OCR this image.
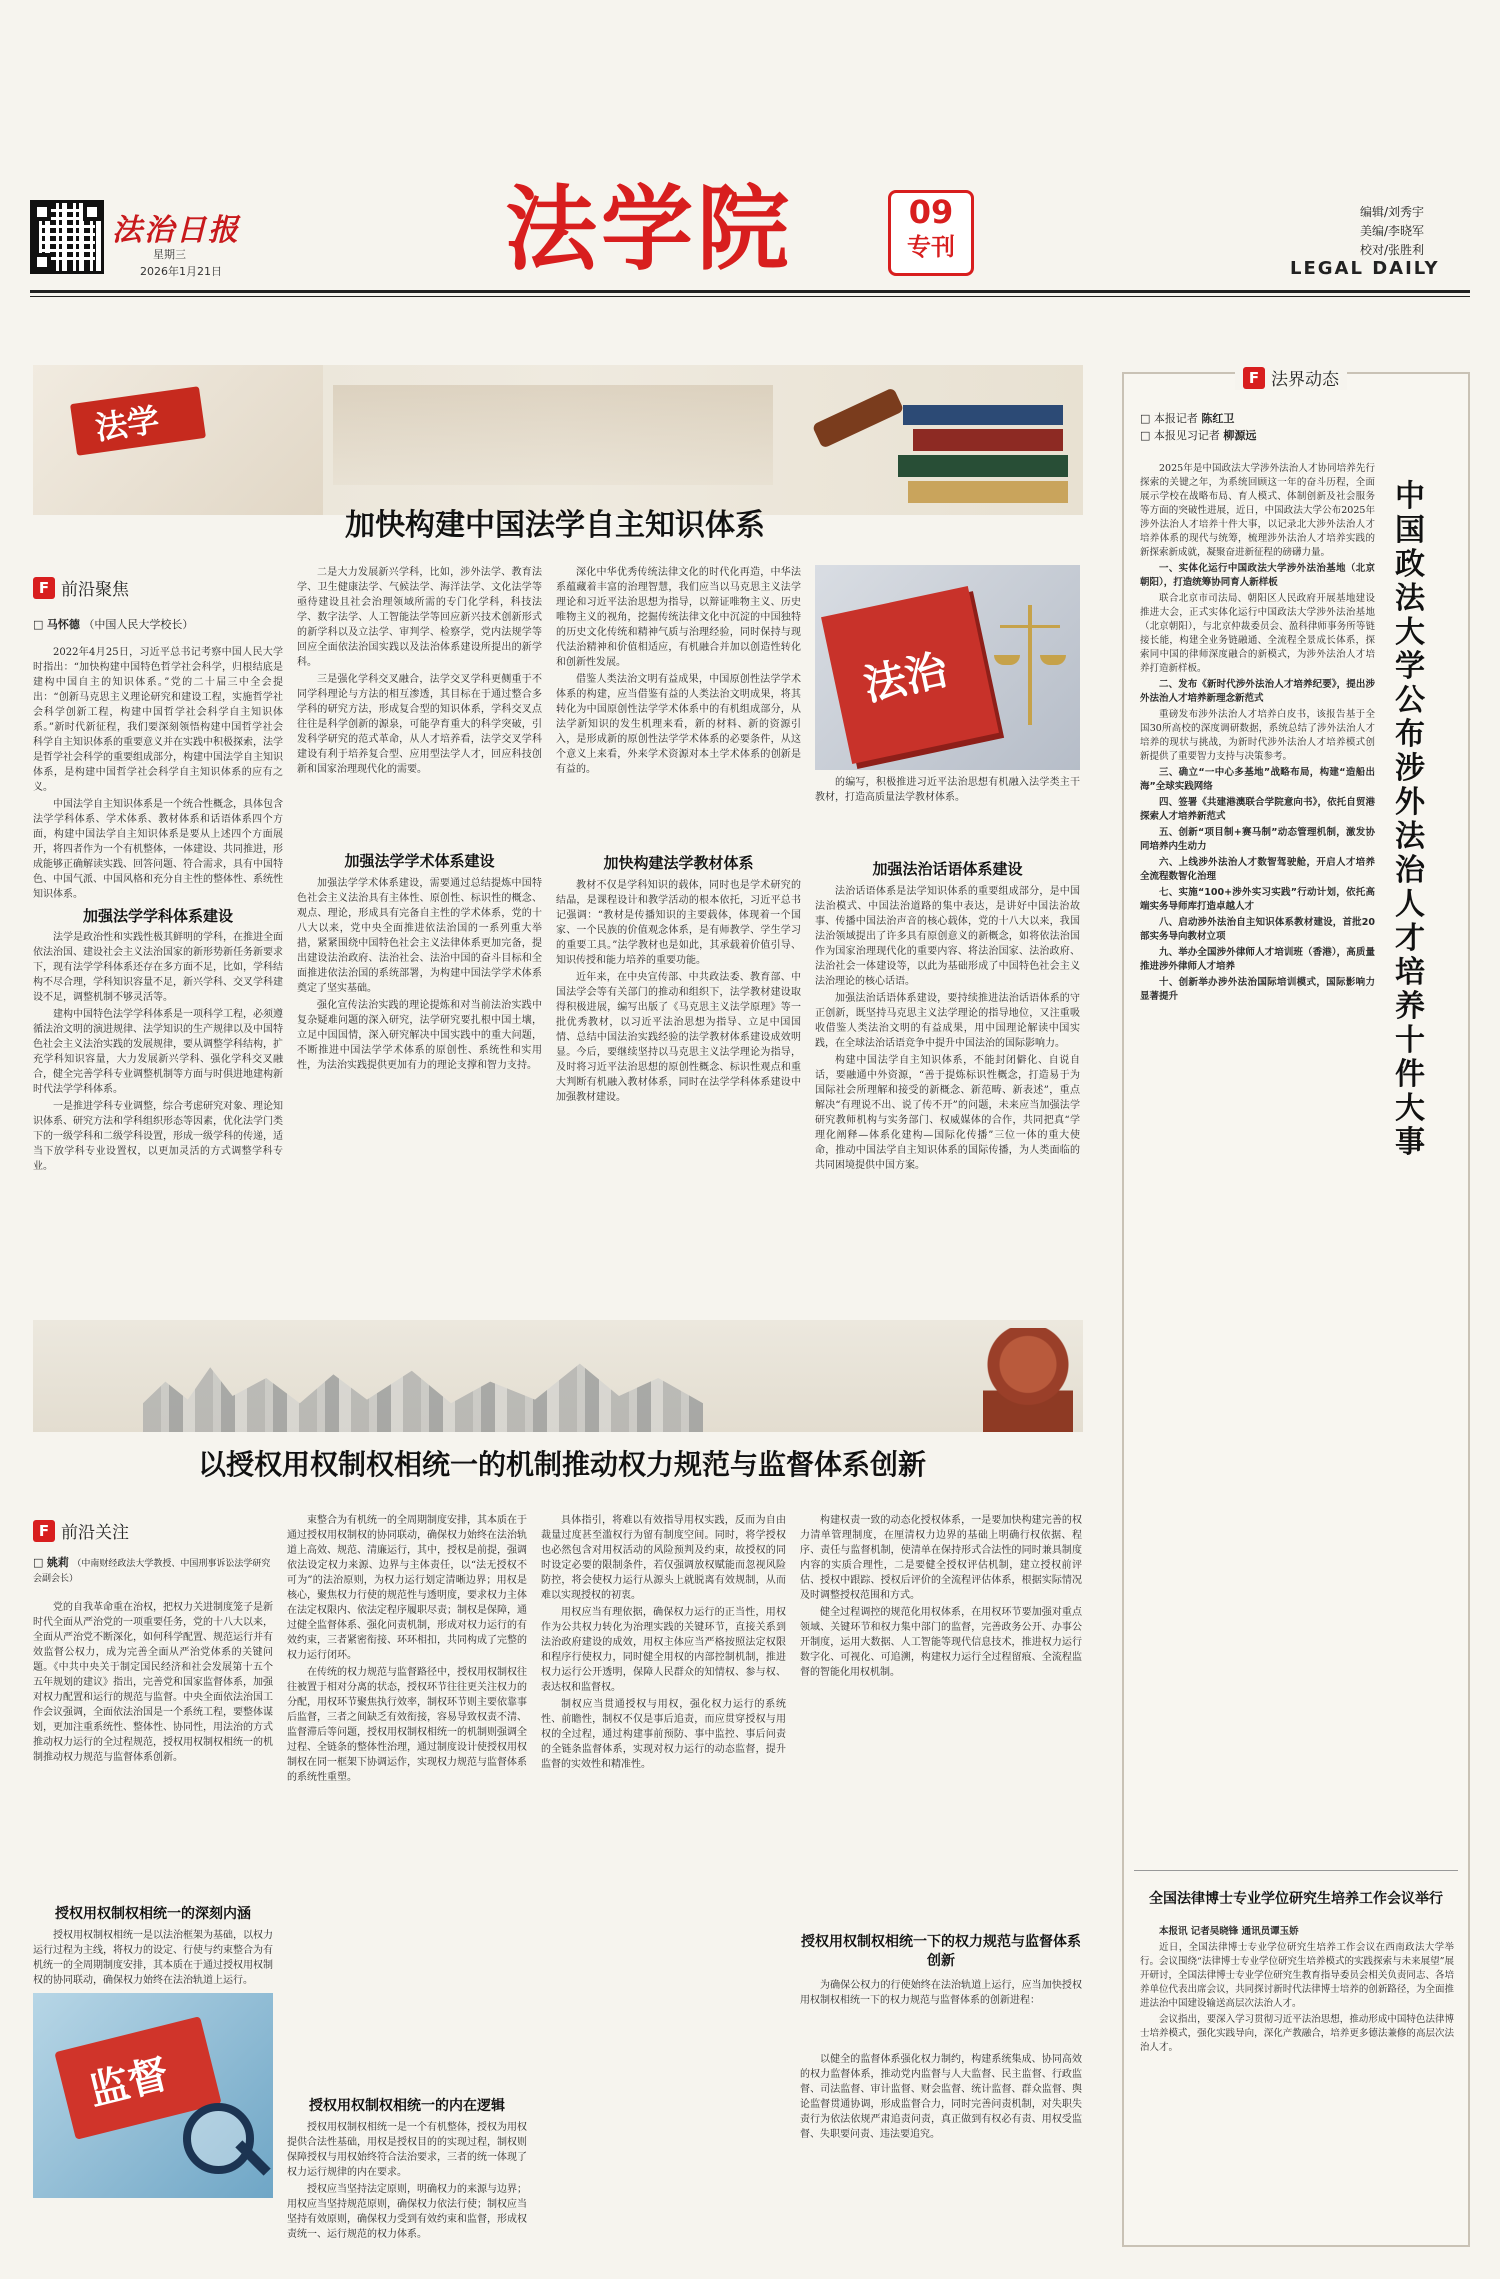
法治日报
星期三
2026年1月21日	法学院	09
专刊
编辑/刘秀宇
美编/李晓军
校对/张胜利
LEGAL DAILY
法学
加快构建中国法学自主知识体系
F 前沿聚焦
□ 马怀德 （中国人民大学校长）

2022年4月25日，习近平总书记考察中国人民大学时指出：“加快构建中国特色哲学社会科学，归根结底是建构中国自主的知识体系。”党的二十届三中全会提出：“创新马克思主义理论研究和建设工程，实施哲学社会科学创新工程，构建中国哲学社会科学自主知识体系。”新时代新征程，我们要深刻领悟构建中国哲学社会科学自主知识体系的重要意义并在实践中积极探索，法学是哲学社会科学的重要组成部分，构建中国法学自主知识体系，是构建中国哲学社会科学自主知识体系的应有之义。

中国法学自主知识体系是一个统合性概念，具体包含法学学科体系、学术体系、教材体系和话语体系四个方面，构建中国法学自主知识体系是要从上述四个方面展开，将四者作为一个有机整体，一体建设、共同推进，形成能够正确解读实践、回答问题、符合需求，具有中国特色、中国气派、中国风格和充分自主性的整体性、系统性知识体系。

加强法学学科体系建设

法学是政治性和实践性极其鲜明的学科，在推进全面依法治国、建设社会主义法治国家的新形势新任务新要求下，现有法学学科体系还存在多方面不足，比如，学科结构不尽合理，学科知识容量不足，新兴学科、交叉学科建设不足，调整机制不够灵活等。

建构中国特色法学学科体系是一项科学工程，必须遵循法治文明的演进规律、法学知识的生产规律以及中国特色社会主义法治实践的发展规律，要从调整学科结构，扩充学科知识容量，大力发展新兴学科、强化学科交叉融合，健全完善学科专业调整机制等方面与时俱进地建构新时代法学学科体系。

一是推进学科专业调整，综合考虑研究对象、理论知识体系、研究方法和学科组织形态等因素，优化法学门类下的一级学科和二级学科设置，形成一级学科的传递，适当下放学科专业设置权，以更加灵活的方式调整学科专业。

二是大力发展新兴学科，比如，涉外法学、教育法学、卫生健康法学、气候法学、海洋法学、文化法学等亟待建设且社会治理领域所需的专门化学科，科技法学、数字法学、人工智能法学等回应新兴技术创新形式的新学科以及立法学、审判学、检察学，党内法规学等回应全面依法治国实践以及法治体系建设所提出的新学科。

三是强化学科交叉融合，法学交叉学科更侧重于不同学科理论与方法的相互渗透，其目标在于通过整合多学科的研究方法，形成复合型的知识体系，学科交叉点往往是科学创新的源泉，可能孕育重大的科学突破，引发科学研究的范式革命，从人才培养看，法学交叉学科建设有利于培养复合型、应用型法学人才，回应科技创新和国家治理现代化的需要。

加强法学学术体系建设

加强法学学术体系建设，需要通过总结提炼中国特色社会主义法治具有主体性、原创性、标识性的概念、观点、理论，形成具有完备自主性的学术体系，党的十八大以来，党中央全面推进依法治国的一系列重大举措，紧紧围绕中国特色社会主义法律体系更加完备，提出建设法治政府、法治社会、法治中国的奋斗目标和全面推进依法治国的系统部署，为构建中国法学学术体系奠定了坚实基础。

强化宣传法治实践的理论提炼和对当前法治实践中复杂疑难问题的深入研究，法学研究要扎根中国土壤，立足中国国情，深入研究解决中国实践中的重大问题，不断推进中国法学学术体系的原创性、系统性和实用性，为法治实践提供更加有力的理论支撑和智力支持。

深化中华优秀传统法律文化的时代化再造，中华法系蕴藏着丰富的治理智慧，我们应当以马克思主义法学理论和习近平法治思想为指导，以辩证唯物主义、历史唯物主义的视角，挖掘传统法律文化中沉淀的中国独特的历史文化传统和精神气质与治理经验，同时保持与现代法治精神和价值相适应，有机融合并加以创造性转化和创新性发展。

借鉴人类法治文明有益成果，中国原创性法学学术体系的构建，应当借鉴有益的人类法治文明成果，将其转化为中国原创性法学学术体系中的有机组成部分，从法学新知识的发生机理来看，新的材料、新的资源引入，是形成新的原创性法学学术体系的必要条件，从这个意义上来看，外来学术资源对本土学术体系的创新是有益的。

加快构建法学教材体系

教材不仅是学科知识的载体，同时也是学术研究的结晶，是课程设计和教学活动的根本依托，习近平总书记强调：“教材是传播知识的主要载体，体现着一个国家、一个民族的价值观念体系，是有师教学、学生学习的重要工具。”法学教材也是如此，其承载着价值引导、知识传授和能力培养的重要功能。

近年来，在中央宣传部、中共政法委、教育部、中国法学会等有关部门的推动和组织下，法学教材建设取得积极进展，编写出版了《马克思主义法学原理》等一批优秀教材，以习近平法治思想为指导、立足中国国情、总结中国法治实践经验的法学教材体系建设成效明显。今后，要继续坚持以马克思主义法学理论为指导，及时将习近平法治思想的原创性概念、标识性观点和重大判断有机融入教材体系，同时在法学学科体系建设中加强教材建设。

法治

的编写，积极推进习近平法治思想有机融入法学类主干教材，打造高质量法学教材体系。

加强法治话语体系建设

法治话语体系是法学知识体系的重要组成部分，是中国法治模式、中国法治道路的集中表达，是讲好中国法治故事、传播中国法治声音的核心载体，党的十八大以来，我国法治领域提出了许多具有原创意义的新概念，如将依法治国作为国家治理现代化的重要内容、将法治国家、法治政府、法治社会一体建设等，以此为基础形成了中国特色社会主义法治理论的核心话语。

加强法治话语体系建设，要持续推进法治话语体系的守正创新，既坚持马克思主义法学理论的指导地位，又注重吸收借鉴人类法治文明的有益成果，用中国理论解读中国实践，在全球法治话语竞争中提升中国法治的国际影响力。

构建中国法学自主知识体系，不能封闭僻化、自说自话，要融通中外资源，“善于提炼标识性概念，打造易于为国际社会所理解和接受的新概念、新范畴、新表述”，重点解决“有理说不出、说了传不开”的问题，未来应当加强法学研究教师机构与实务部门、权威媒体的合作，共同把真“学理化阐释—体系化建构—国际化传播”三位一体的重大使命，推动中国法学自主知识体系的国际传播，为人类面临的共同困境提供中国方案。

以授权用权制权相统一的机制推动权力规范与监督体系创新
F 前沿关注
□ 姚莉 （中南财经政法大学教授、中国刑事诉讼法学研究会副会长）

党的自我革命重在治权，把权力关进制度笼子是新时代全面从严治党的一项重要任务，党的十八大以来，全面从严治党不断深化，如何科学配置、规范运行并有效监督公权力，成为完善全面从严治党体系的关键问题。《中共中央关于制定国民经济和社会发展第十五个五年规划的建议》指出，完善党和国家监督体系，加强对权力配置和运行的规范与监督。中央全面依法治国工作会议强调，全面依法治国是一个系统工程，要整体谋划，更加注重系统性、整体性、协同性，用法治的方式推动权力运行的全过程规范，授权用权制权相统一的机制推动权力规范与监督体系创新。

授权用权制权相统一的深刻内涵

授权用权制权相统一是以法治框架为基础，以权力运行过程为主线，将权力的设定、行使与约束整合为有机统一的全周期制度安排，其本质在于通过授权用权制权的协同联动，确保权力始终在法治轨道上运行。

监督

束整合为有机统一的全周期制度安排，其本质在于通过授权用权制权的协同联动，确保权力始终在法治轨道上高效、规范、清廉运行，其中，授权是前提，强调依法设定权力来源、边界与主体责任，以“法无授权不可为”的法治原则，为权力运行划定清晰边界；用权是核心，聚焦权力行使的规范性与透明度，要求权力主体在法定权限内、依法定程序履职尽责；制权是保障，通过健全监督体系、强化问责机制，形成对权力运行的有效约束，三者紧密衔接、环环相扣，共同构成了完整的权力运行闭环。

在传统的权力规范与监督路径中，授权用权制权往往被置于相对分离的状态，授权环节往往更关注权力的分配，用权环节聚焦执行效率，制权环节则主要依靠事后监督，三者之间缺乏有效衔接，容易导致权责不清、监督滞后等问题，授权用权制权相统一的机制则强调全过程、全链条的整体性治理，通过制度设计使授权用权制权在同一框架下协调运作，实现权力规范与监督体系的系统性重塑。

授权用权制权相统一的内在逻辑

授权用权制权相统一是一个有机整体，授权为用权提供合法性基础，用权是授权目的的实现过程，制权则保障授权与用权始终符合法治要求，三者的统一体现了权力运行规律的内在要求。

授权应当坚持法定原则，明确权力的来源与边界；用权应当坚持规范原则，确保权力依法行使；制权应当坚持有效原则，确保权力受到有效约束和监督，形成权责统一、运行规范的权力体系。

具体指引，将难以有效指导用权实践，反而为自由裁量过度甚至滥权行为留有制度空间。同时，将学授权也必然包含对用权活动的风险预判及约束，故授权的同时设定必要的限制条件，若仅强调放权赋能而忽视风险防控，将会使权力运行从源头上就脱离有效规制，从而难以实现授权的初衷。

用权应当有理依据，确保权力运行的正当性，用权作为公共权力转化为治理实践的关键环节，直接关系到法治政府建设的成效，用权主体应当严格按照法定权限和程序行使权力，同时健全用权的内部控制机制，推进权力运行公开透明，保障人民群众的知情权、参与权、表达权和监督权。

制权应当贯通授权与用权，强化权力运行的系统性、前瞻性，制权不仅是事后追责，而应贯穿授权与用权的全过程，通过构建事前预防、事中监控、事后问责的全链条监督体系，实现对权力运行的动态监督，提升监督的实效性和精准性。

构建权责一致的动态化授权体系，一是要加快构建完善的权力清单管理制度，在厘清权力边界的基础上明确行权依据、程序、责任与监督机制，使清单在保持形式合法性的同时兼具制度内容的实质合理性，二是要健全授权评估机制，建立授权前评估、授权中跟踪、授权后评价的全流程评估体系，根据实际情况及时调整授权范围和方式。

健全过程调控的规范化用权体系，在用权环节要加强对重点领域、关键环节和权力集中部门的监督，完善政务公开、办事公开制度，运用大数据、人工智能等现代信息技术，推进权力运行数字化、可视化、可追溯，构建权力运行全过程留痕、全流程监督的智能化用权机制。

授权用权制权相统一下的权力规范与监督体系创新

为确保公权力的行使始终在法治轨道上运行，应当加快授权用权制权相统一下的权力规范与监督体系的创新进程：

以健全的监督体系强化权力制约，构建系统集成、协同高效的权力监督体系，推动党内监督与人大监督、民主监督、行政监督、司法监督、审计监督、财会监督、统计监督、群众监督、舆论监督贯通协调，形成监督合力，同时完善问责机制，对失职失责行为依法依规严肃追责问责，真正做到有权必有责、用权受监督、失职要问责、违法要追究。

F 法界动态
□ 本报记者 陈红卫
□ 本报见习记者 柳源远
中国政法大学公布涉外法治人才培养十件大事

2025年是中国政法大学涉外法治人才协同培养先行探索的关键之年，为系统回顾这一年的奋斗历程，全面展示学校在战略布局、育人模式、体制创新及社会服务等方面的突破性进展，近日，中国政法大学公布2025年涉外法治人才培养十件大事，以记录北大涉外法治人才培养体系的现代与统筹，梳理涉外法治人才培养实践的新探索新成就，凝聚奋进新征程的磅礴力量。

一、实体化运行中国政法大学涉外法治基地（北京朝阳），打造统筹协同育人新样板

联合北京市司法局、朝阳区人民政府开展基地建设推进大会，正式实体化运行中国政法大学涉外法治基地（北京朝阳），与北京仲裁委员会、盈科律师事务所等链接长能，构建全业务链融通、全流程全景成长体系，探索同中国的律师深度融合的新模式，为涉外法治人才培养打造新样板。

二、发布《新时代涉外法治人才培养纪要》，提出涉外法治人才培养新理念新范式

重磅发布涉外法治人才培养白皮书，该报告基于全国30所高校的深度调研数据，系统总结了涉外法治人才培养的现状与挑战，为新时代涉外法治人才培养模式创新提供了重要智力支持与决策参考。

三、确立“一中心多基地”战略布局，构建“造船出海”全球实践网络

四、签署《共建港澳联合学院意向书》，依托自贸港探索人才培养新范式

五、创新“项目制+赛马制”动态管理机制，激发协同培养内生动力

六、上线涉外法治人才数智驾驶舱，开启人才培养全流程数智化治理

七、实施“100+涉外实习实践”行动计划，依托高端实务导师库打造卓越人才

八、启动涉外法治自主知识体系教材建设，首批20部实务导向教材立项

九、举办全国涉外律师人才培训班（香港），高质量推进涉外律师人才培养

十、创新举办涉外法治国际培训模式，国际影响力显著提升

全国法律博士专业学位研究生培养工作会议举行

本报讯 记者吴晓锋 通讯员谭玉娇

近日，全国法律博士专业学位研究生培养工作会议在西南政法大学举行。会议围绕“法律博士专业学位研究生培养模式的实践探索与未来展望”展开研讨，全国法律博士专业学位研究生教育指导委员会相关负责同志、各培养单位代表出席会议，共同探讨新时代法律博士培养的创新路径，为全面推进法治中国建设输送高层次法治人才。

会议指出，要深入学习贯彻习近平法治思想，推动形成中国特色法律博士培养模式，强化实践导向，深化产教融合，培养更多德法兼修的高层次法治人才。
